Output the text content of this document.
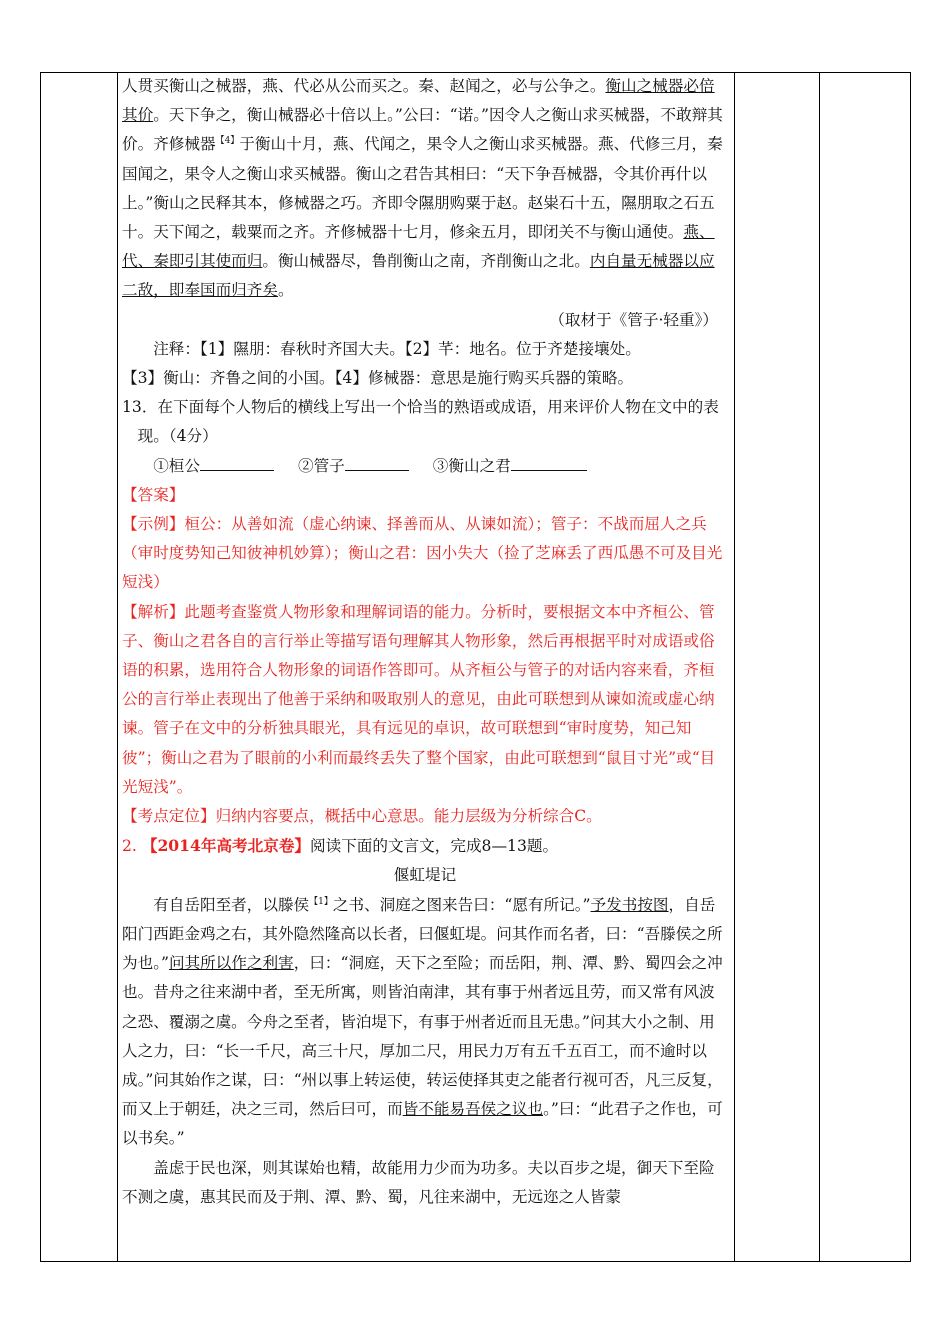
人贯买衡山之械器，燕、代必从公而买之。秦、赵闻之，必与公争之。衡山之械器必倍其价。天下争之，衡山械器必十倍以上。”公曰：“诺。”因令人之衡山求买械器，不敢辩其价。齐修械器$^{【4】}$于衡山十月，燕、代闻之，果令人之衡山求买械器。燕、代修三月，秦国闻之，果令人之衡山求买械器。衡山之君告其相曰：“天下争吾械器，令其价再什以上。”衡山之民释其本，修械器之巧。齐即令隰朋购粟于赵。赵粜石十五，隰朋取之石五十。天下闻之，载粟而之齐。齐修械器十七月，修籴五月，即闭关不与衡山通使。燕、代、秦即引其使而归。衡山械器尽，鲁削衡山之南，齐削衡山之北。内自量无械器以应二敌，即奉国而归齐矣。

（取材于《管子·轻重》）

注释：【1】隰朋：春秋时齐国大夫。【2】芊：地名。位于齐楚接壤处。

【3】衡山：齐鲁之间的小国。【4】修械器：意思是施行购买兵器的策略。

13．在下面每个人物后的横线上写出一个恰当的熟语或成语，用来评价人物在文中的表现。（4分）

①桓公	②管子	③衡山之君

【答案】

【示例】桓公：从善如流（虚心纳谏、择善而从、从谏如流）；管子：不战而屈人之兵（审时度势知己知彼神机妙算）；衡山之君：因小失大（捡了芝麻丢了西瓜愚不可及目光短浅）

【解析】此题考查鉴赏人物形象和理解词语的能力。分析时，要根据文本中齐桓公、管子、衡山之君各自的言行举止等描写语句理解其人物形象，然后再根据平时对成语或俗语的积累，选用符合人物形象的词语作答即可。从齐桓公与管子的对话内容来看，齐桓公的言行举止表现出了他善于采纳和吸取别人的意见，由此可联想到从谏如流或虚心纳谏。管子在文中的分析独具眼光，具有远见的卓识，故可联想到“审时度势，知己知彼”；衡山之君为了眼前的小利而最终丢失了整个国家，由此可联想到“鼠目寸光”或“目光短浅”。

【考点定位】归纳内容要点，概括中心意思。能力层级为分析综合C。

2. 【2014年高考北京卷】阅读下面的文言文，完成8—13题。

偃虹堤记

有自岳阳至者，以滕侯$^{【1】}$之书、洞庭之图来告曰：“愿有所记。”予发书按图，自岳阳门西距金鸡之右，其外隐然隆高以长者，曰偃虹堤。问其作而名者，曰：“吾滕侯之所为也。”问其所以作之利害，曰：“洞庭，天下之至险；而岳阳，荆、潭、黔、蜀四会之冲也。昔舟之往来湖中者，至无所寓，则皆泊南津，其有事于州者远且劳，而又常有风波之恐、覆溺之虞。今舟之至者，皆泊堤下，有事于州者近而且无患。”问其大小之制、用人之力，曰：“长一千尺，高三十尺，厚加二尺，用民力万有五千五百工，而不逾时以成。”问其始作之谋，曰：“州以事上转运使，转运使择其吏之能者行视可否，凡三反复，而又上于朝廷，决之三司，然后曰可，而皆不能易吾侯之议也。”曰：“此君子之作也，可以书矣。”

盖虑于民也深，则其谋始也精，故能用力少而为功多。夫以百步之堤，御天下至险不测之虞，惠其民而及于荆、潭、黔、蜀，凡往来湖中，无远迩之人皆蒙
